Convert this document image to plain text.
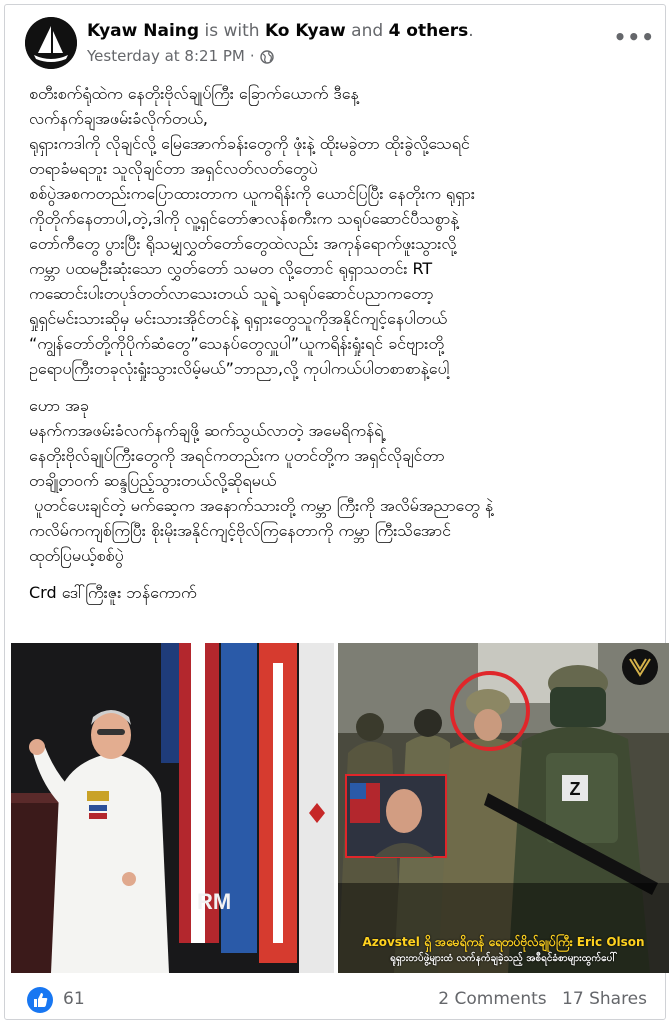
Kyaw Naing is with Ko Kyaw and 4 others.
Yesterday at 8:21 PM ·
•••

စတီးစက်ရုံထဲက နေတိုးဗိုလ်ချုပ်ကြီး ခြောက်ယောက် ဒီနေ့
လက်နက်ချအဖမ်းခံလိုက်တယ်,

ရုရှားကဒါကို လိုချင်လို့ မြေအောက်ခန်းတွေကို ဖုံးနဲ့ ထိုးမခွဲတာ ထိုးခွဲလို့သေရင်
တရာခံမရဘူး သူလိုချင်တာ အရှင်လတ်လတ်တွေပဲ
စစ်ပွဲအစကတည်းကပြောထားတာက ယူကရိန်းကို ယောင်ပြပြီး နေတိုးက ရုရှား
ကိုတိုက်နေတာပါ,တဲ့,ဒါကို လူ့ရှင်တော်ဇာလန်စကီးက သရုပ်ဆောင်ပီသစွာနဲ့
တော်ကီတွေ ပွားပြီး ရိုသမျှလွှတ်တော်တွေထဲလည်း အကုန်ရောက်ဖူးသွားလို့
ကမ္ဘာ ပထမဦးဆုံးသော လွှတ်တော် သမတ လို့တောင် ရုရှာသတင်း RT
ကဆောင်းပါးတပုဒ်တတ်လာသေးတယ် သူရဲ့ သရုပ်ဆောင်ပညာကတော့
ရှုရှင်မင်းသားဆိုမှ မင်းသားအိုင်တင်နဲ့ ရုရှားတွေသူကိုအနိုင်ကျင့်နေပါတယ်
“ကျွန်တော်တို့ကိုပိုက်ဆံတွေ”သေနပ်တွေလှူပါ”ယူကရိန်းရှုံးရင် ခင်ဗျားတို့
ဥရောပကြီးတခုလုံးရှုံးသွားလိမ့်မယ်”ဘာညာ,လို့ ကုပါကယ်ပါတစာစာနဲ့ပေါ့

ဟော အခု
မနက်ကအဖမ်းခံလက်နက်ချဖို့ ဆက်သွယ်လာတဲ့ အမေရိကန်ရဲ့
နေတိုးဗိုလ်ချုပ်ကြီးတွေကို အရင်ကတည်းက ပူတင်တို့က အရှင်လိုချင်တာ
တချို့တဝက် ဆန္ဒပြည့်သွားတယ်လို့ဆိုရမယ်
ပူတင်ပေးချင်တဲ့ မက်ဆေ့က အနောက်သားတို့ ကမ္ဘာ ကြီးကို အလိမ်အညာတွေ နဲ့
ကလိမ်ကကျစ်ကြပြီး စိုးမိုးအနိုင်ကျင့်ဗိုလ်ကြနေတာကို ကမ္ဘာ ကြီးသိအောင်
ထုတ်ပြမယ့်စစ်ပွဲ

Crd ဒေါ်ကြီးဇူး ဘန်ကောက်

RM
Z
Azovstel ရှိ အမေရိကန် ရေတပ်ဗိုလ်ချုပ်ကြီး Eric Olson
ရုရှားတပ်ဖွဲ့များထံ လက်နက်ချခဲ့သည့် အစီရင်ခံစာများထွက်ပေါ်
61	2 Comments 17 Shares
